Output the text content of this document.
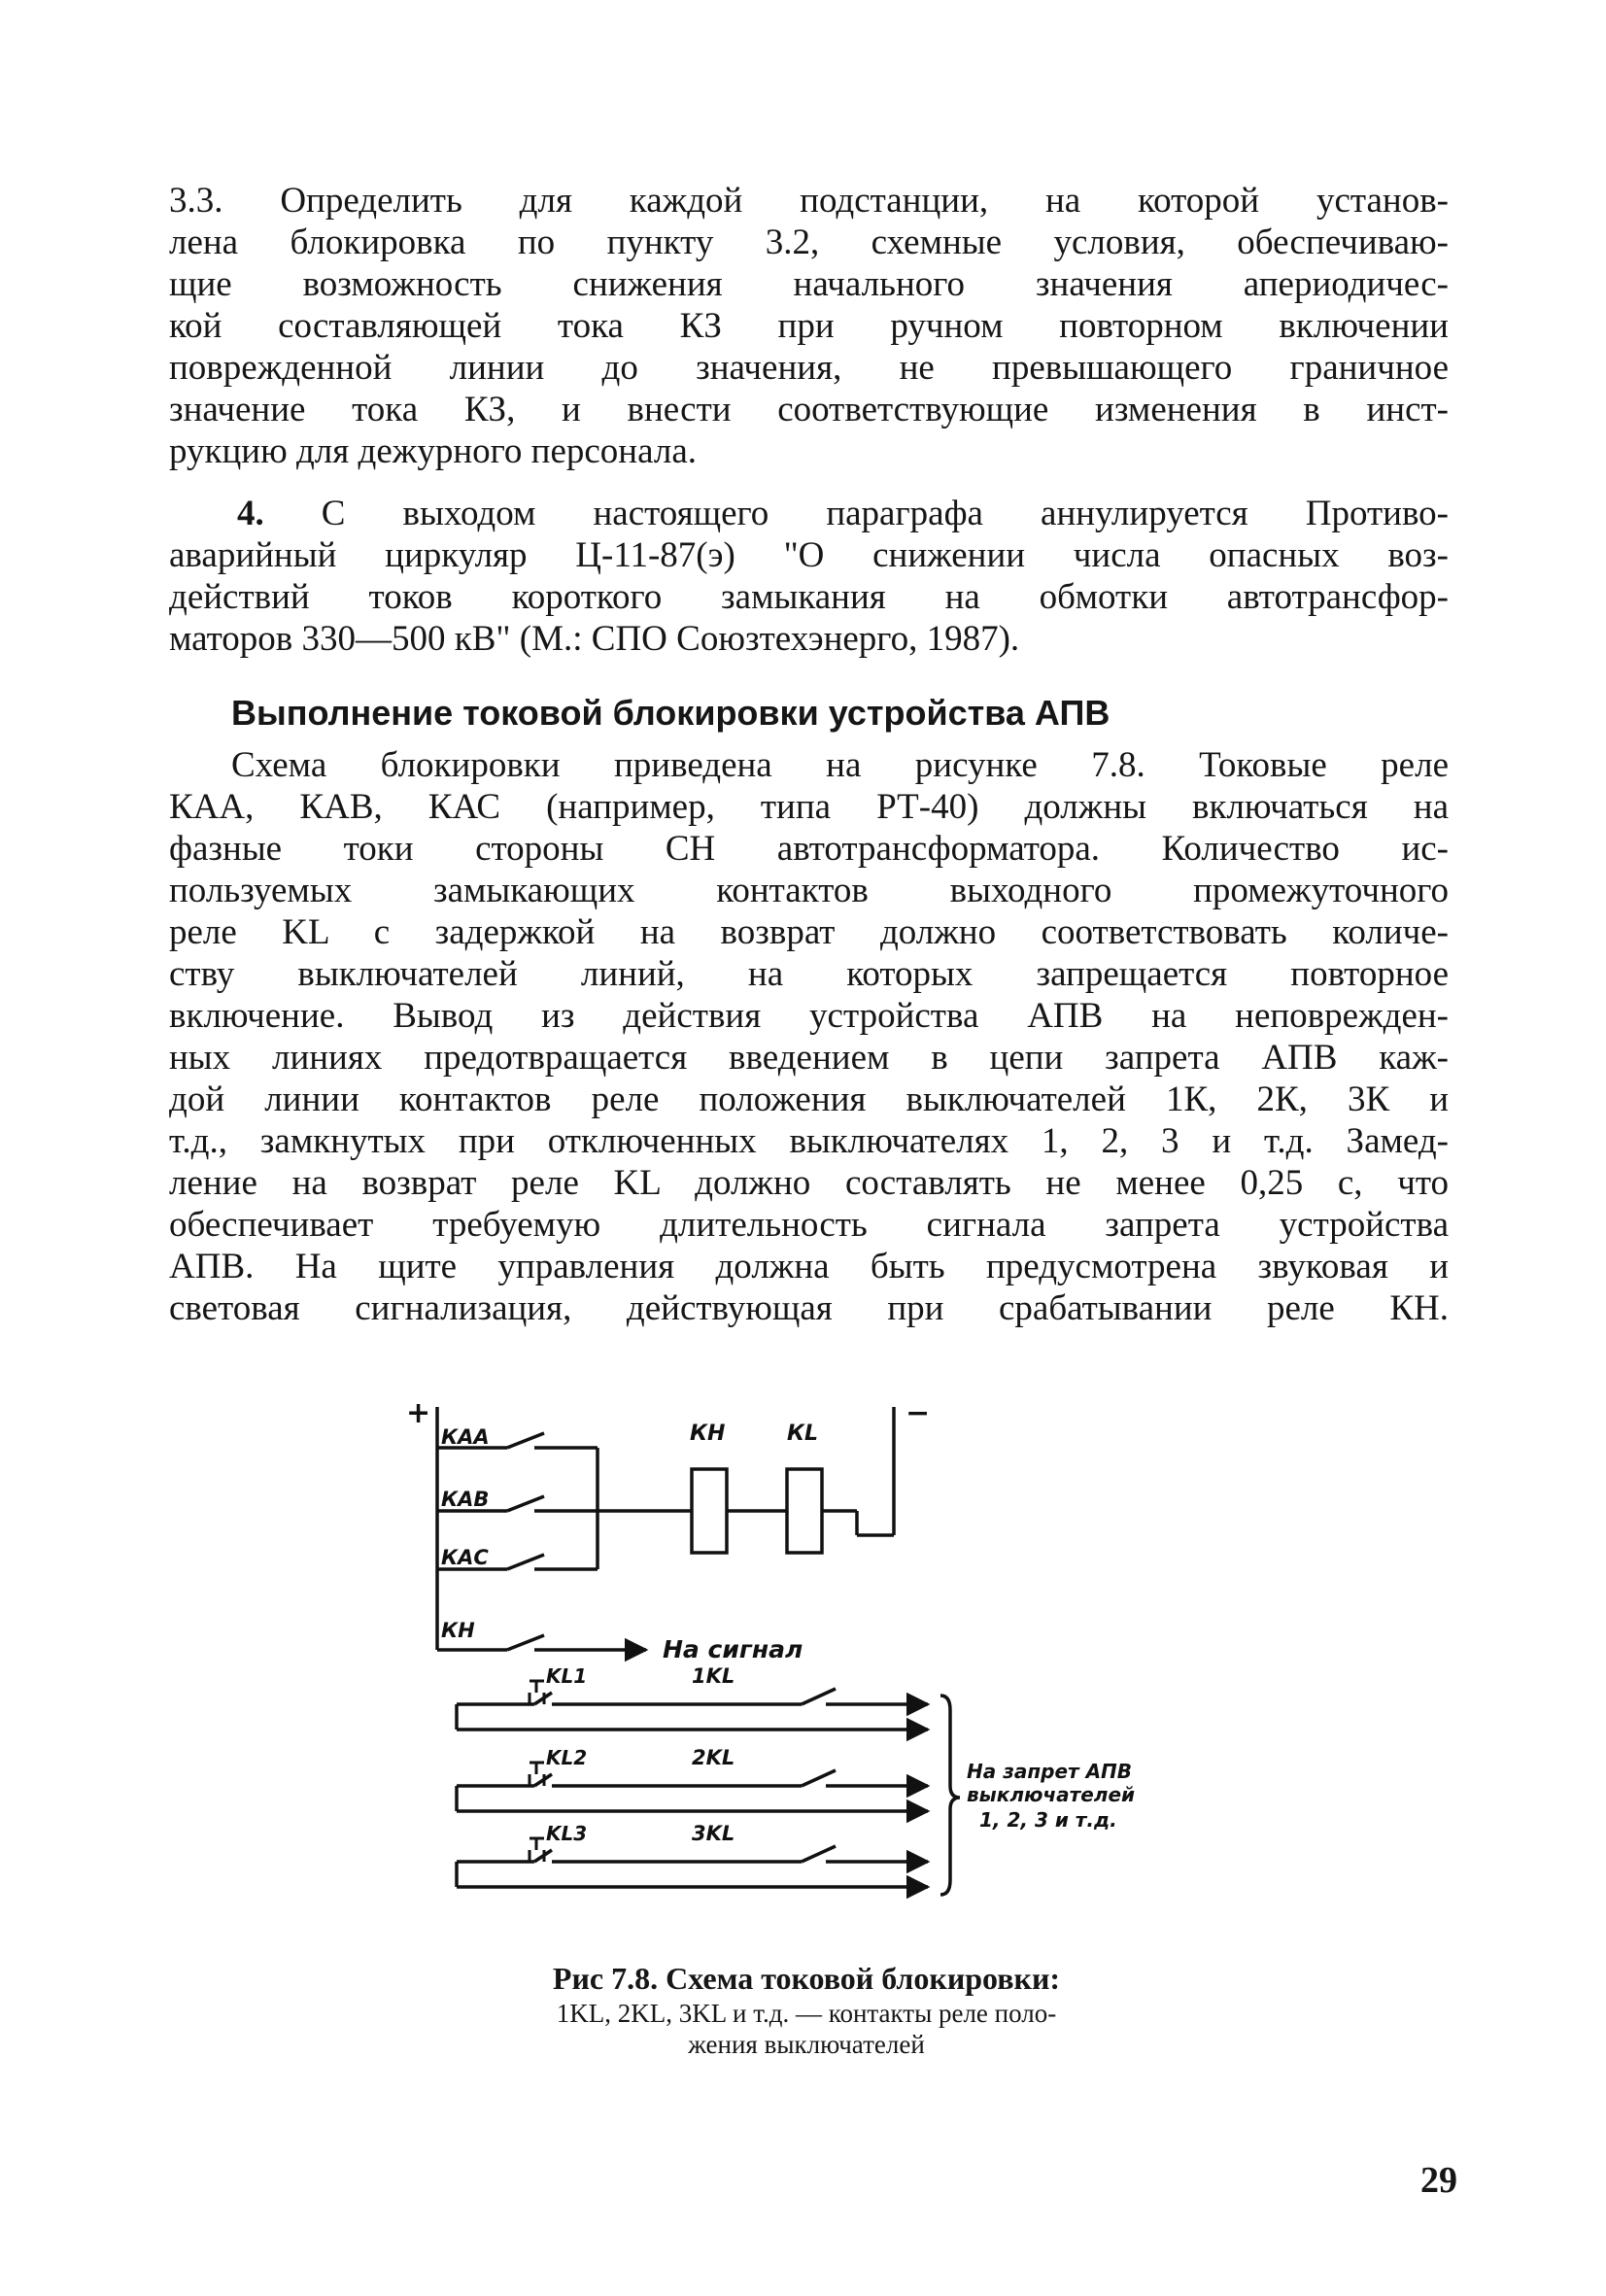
3.3. Определить для каждой подстанции, на которой установ-
лена блокировка по пункту 3.2, схемные условия, обеспечиваю-
щие возможность снижения начального значения апериодичес-
кой составляющей тока КЗ при ручном повторном включении
поврежденной линии до значения, не превышающего граничное
значение тока КЗ, и внести соответствующие изменения в инст-
рукцию для дежурного персонала.
4. С выходом настоящего параграфа аннулируется Противо-
аварийный циркуляр Ц-11-87(э) "О снижении числа опасных воз-
действий токов короткого замыкания на обмотки автотрансфор-
маторов 330—500 кВ" (М.: СПО Союзтехэнерго, 1987).
Выполнение токовой блокировки устройства АПВ
Схема блокировки приведена на рисунке 7.8. Токовые реле
КАА, КАВ, КАС (например, типа РТ-40) должны включаться на
фазные токи стороны СН автотрансформатора. Количество ис-
пользуемых замыкающих контактов выходного промежуточного
реле KL с задержкой на возврат должно соответствовать количе-
ству выключателей линий, на которых запрещается повторное
включение. Вывод из действия устройства АПВ на неповрежден-
ных линиях предотвращается введением в цепи запрета АПВ каж-
дой линии контактов реле положения выключателей 1К, 2К, 3К и
т.д., замкнутых при отключенных выключателях 1, 2, 3 и т.д. Замед-
ление на возврат реле KL должно составлять не менее 0,25 с, что
обеспечивает требуемую длительность сигнала запрета устройства
АПВ. На щите управления должна быть предусмотрена звуковая и
световая сигнализация, действующая при срабатывании реле КН.
+	−
КАА
КАВ
КАС
КН
КН	КL
На сигнал
KL1	1KL
KL2	2KL
KL3	3KL
На запрет АПВ
выключателей
1, 2, 3 и т.д.
Рис 7.8. Схема токовой блокировки:
1KL, 2KL, 3KL и т.д. — контакты реле поло-
жения выключателей
29
